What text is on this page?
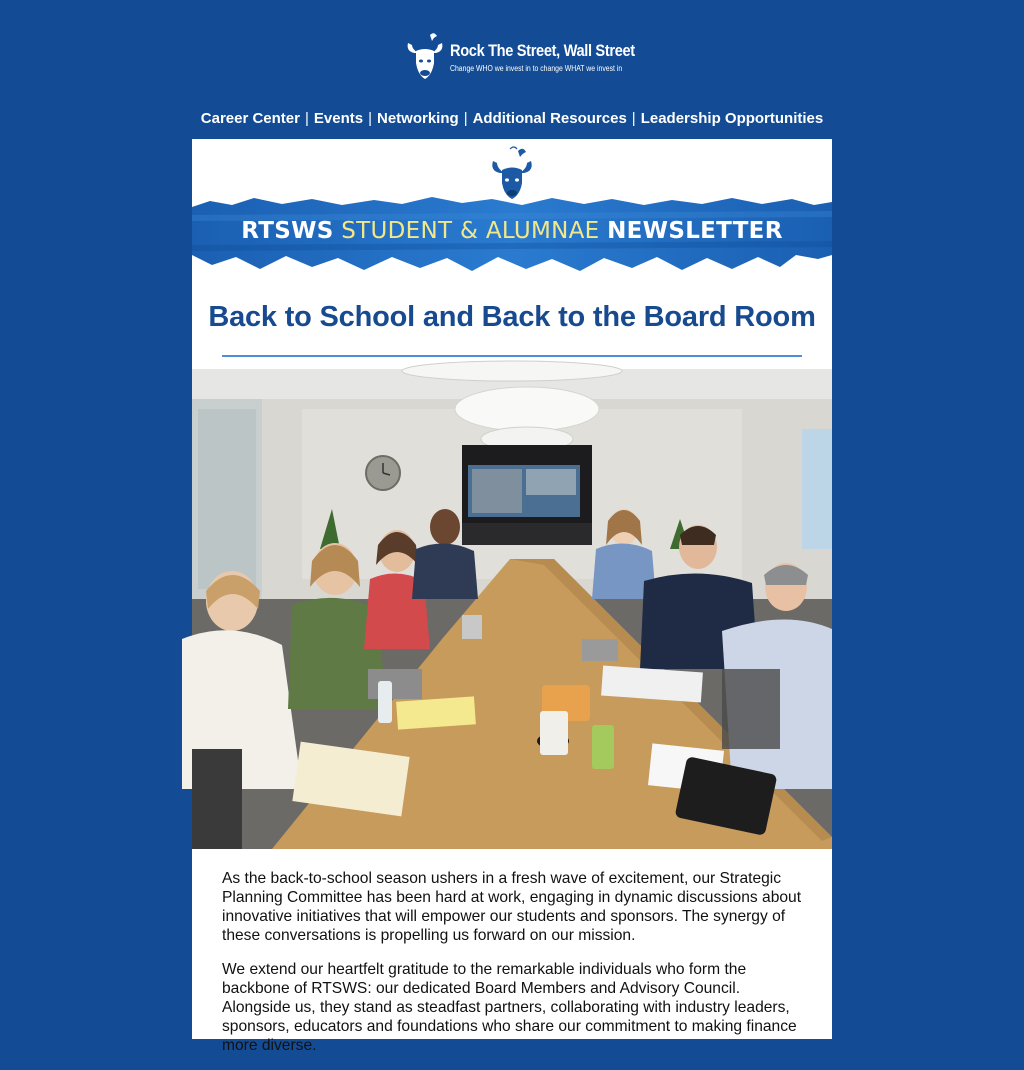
Rock The Street, Wall Street
Change WHO we invest in to change WHAT we invest in
Career Center | Events | Networking | Additional Resources | Leadership Opportunities
RTSWS STUDENT & ALUMNAE NEWSLETTER
Back to School and Back to the Board Room

As the back-to-school season ushers in a fresh wave of excitement, our Strategic Planning Committee has been hard at work, engaging in dynamic discussions about innovative initiatives that will empower our students and sponsors. The synergy of these conversations is propelling us forward on our mission.

We extend our heartfelt gratitude to the remarkable individuals who form the backbone of RTSWS: our dedicated Board Members and Advisory Council. Alongside us, they stand as steadfast partners, collaborating with industry leaders, sponsors, educators and foundations who share our commitment to making finance more diverse.
